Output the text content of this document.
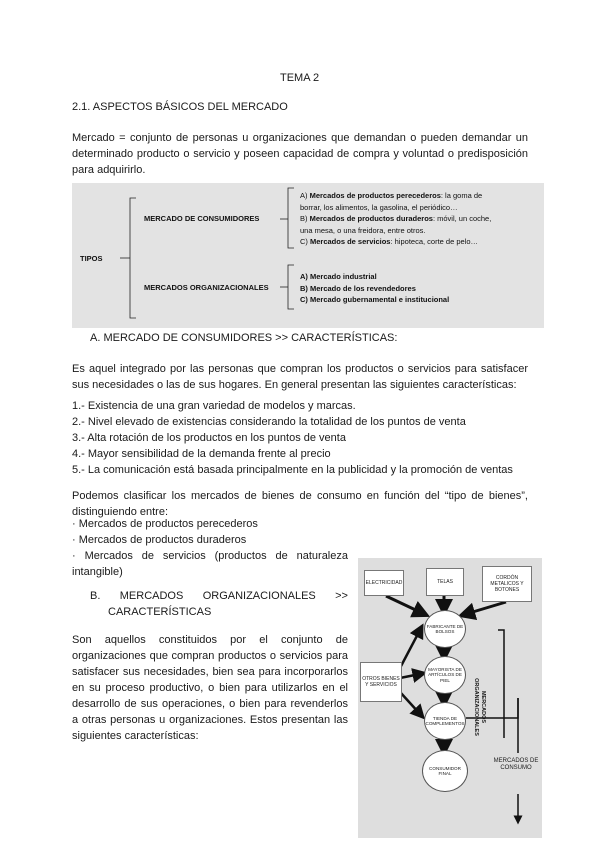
TEMA 2
2.1. ASPECTOS BÁSICOS DEL MERCADO
Mercado = conjunto de personas u organizaciones que demandan o pueden demandar un
determinado producto o servicio y poseen capacidad de compra y voluntad o predisposición
para adquirirlo.
TIPOS
MERCADO DE CONSUMIDORES
MERCADOS ORGANIZACIONALES
A) Mercados de productos perecederos: la goma de
borrar, los alimentos, la gasolina, el periódico…
B) Mercados de productos duraderos: móvil, un coche,
una mesa, o una freidora, entre otros.
C) Mercados de servicios: hipoteca, corte de pelo…
A) Mercado industrial
B) Mercado de los revendedores
C) Mercado gubernamental e institucional
A. MERCADO DE CONSUMIDORES >> CARACTERÍSTICAS:
Es aquel integrado por las personas que compran los productos o servicios para satisfacer
sus necesidades o las de sus hogares. En general presentan las siguientes características:
1.- Existencia de una gran variedad de modelos y marcas.
2.- Nivel elevado de existencias considerando la totalidad de los puntos de venta
3.- Alta rotación de los productos en los puntos de venta
4.- Mayor sensibilidad de la demanda frente al precio
5.- La comunicación está basada principalmente en la publicidad y la promoción de ventas
Podemos clasificar los mercados de bienes de consumo en función del “tipo de bienes”,
distinguiendo entre:
· Mercados de productos perecederos
· Mercados de productos duraderos
· Mercados de servicios (productos de naturaleza
intangible)
B. MERCADOS ORGANIZACIONALES >>
CARACTERÍSTICAS
Son aquellos constituidos por el conjunto de
organizaciones que compran productos o servicios para
satisfacer sus necesidades, bien sea para incorporarlos
en su proceso productivo, o bien para utilizarlos en el
desarrollo de sus operaciones, o bien para revenderlos
a otras personas u organizaciones. Estos presentan las
siguientes características:
ELECTRICIDAD	TELAS
CORDÓN METALICOS Y BOTONES
FABRICANTE DE BOLSOS
OTROS BIENES Y SERVICIOS
MAYORISTA DE ARTÍCULOS DE PIEL
TIENDA DE COMPLEMENTOS
CONSUMIDOR FINAL
MERCADOS ORGANIZACIONALES
MERCADOS DE CONSUMO
